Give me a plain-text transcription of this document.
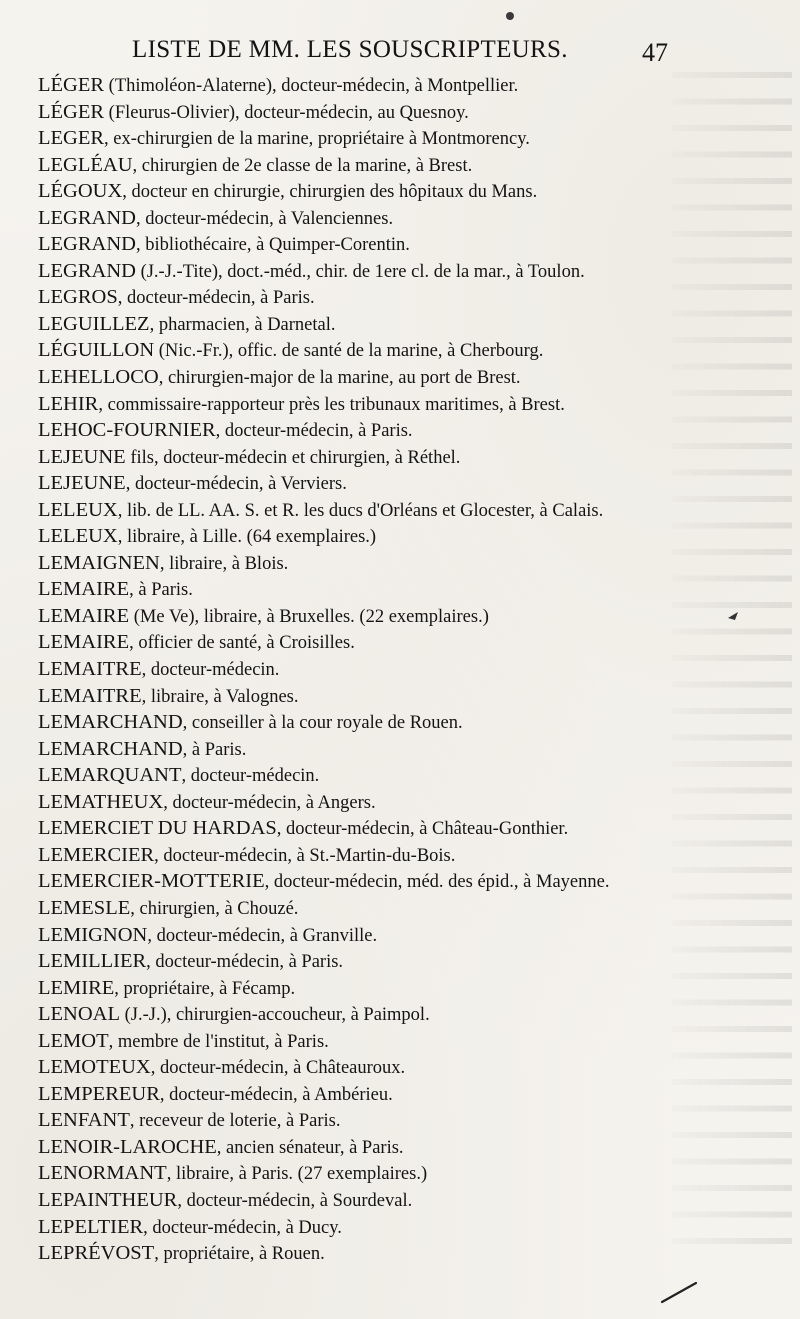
LISTE DE MM. LES SOUSCRIPTEURS.	47
LÉGER (Thimoléon-Alaterne), docteur-médecin, à Montpellier.
LÉGER (Fleurus-Olivier), docteur-médecin, au Quesnoy.
LEGER, ex-chirurgien de la marine, propriétaire à Montmorency.
LEGLÉAU, chirurgien de 2e classe de la marine, à Brest.
LÉGOUX, docteur en chirurgie, chirurgien des hôpitaux du Mans.
LEGRAND, docteur-médecin, à Valenciennes.
LEGRAND, bibliothécaire, à Quimper-Corentin.
LEGRAND (J.-J.-Tite), doct.-méd., chir. de 1ere cl. de la mar., à Toulon.
LEGROS, docteur-médecin, à Paris.
LEGUILLEZ, pharmacien, à Darnetal.
LÉGUILLON (Nic.-Fr.), offic. de santé de la marine, à Cherbourg.
LEHELLOCO, chirurgien-major de la marine, au port de Brest.
LEHIR, commissaire-rapporteur près les tribunaux maritimes, à Brest.
LEHOC-FOURNIER, docteur-médecin, à Paris.
LEJEUNE fils, docteur-médecin et chirurgien, à Réthel.
LEJEUNE, docteur-médecin, à Verviers.
LELEUX, lib. de LL. AA. S. et R. les ducs d'Orléans et Glocester, à Calais.
LELEUX, libraire, à Lille. (64 exemplaires.)
LEMAIGNEN, libraire, à Blois.
LEMAIRE, à Paris.
LEMAIRE (Me Ve), libraire, à Bruxelles. (22 exemplaires.)
LEMAIRE, officier de santé, à Croisilles.
LEMAITRE, docteur-médecin.
LEMAITRE, libraire, à Valognes.
LEMARCHAND, conseiller à la cour royale de Rouen.
LEMARCHAND, à Paris.
LEMARQUANT, docteur-médecin.
LEMATHEUX, docteur-médecin, à Angers.
LEMERCIET DU HARDAS, docteur-médecin, à Château-Gonthier.
LEMERCIER, docteur-médecin, à St.-Martin-du-Bois.
LEMERCIER-MOTTERIE, docteur-médecin, méd. des épid., à Mayenne.
LEMESLE, chirurgien, à Chouzé.
LEMIGNON, docteur-médecin, à Granville.
LEMILLIER, docteur-médecin, à Paris.
LEMIRE, propriétaire, à Fécamp.
LENOAL (J.-J.), chirurgien-accoucheur, à Paimpol.
LEMOT, membre de l'institut, à Paris.
LEMOTEUX, docteur-médecin, à Châteauroux.
LEMPEREUR, docteur-médecin, à Ambérieu.
LENFANT, receveur de loterie, à Paris.
LENOIR-LAROCHE, ancien sénateur, à Paris.
LENORMANT, libraire, à Paris. (27 exemplaires.)
LEPAINTHEUR, docteur-médecin, à Sourdeval.
LEPELTIER, docteur-médecin, à Ducy.
LEPRÉVOST, propriétaire, à Rouen.
